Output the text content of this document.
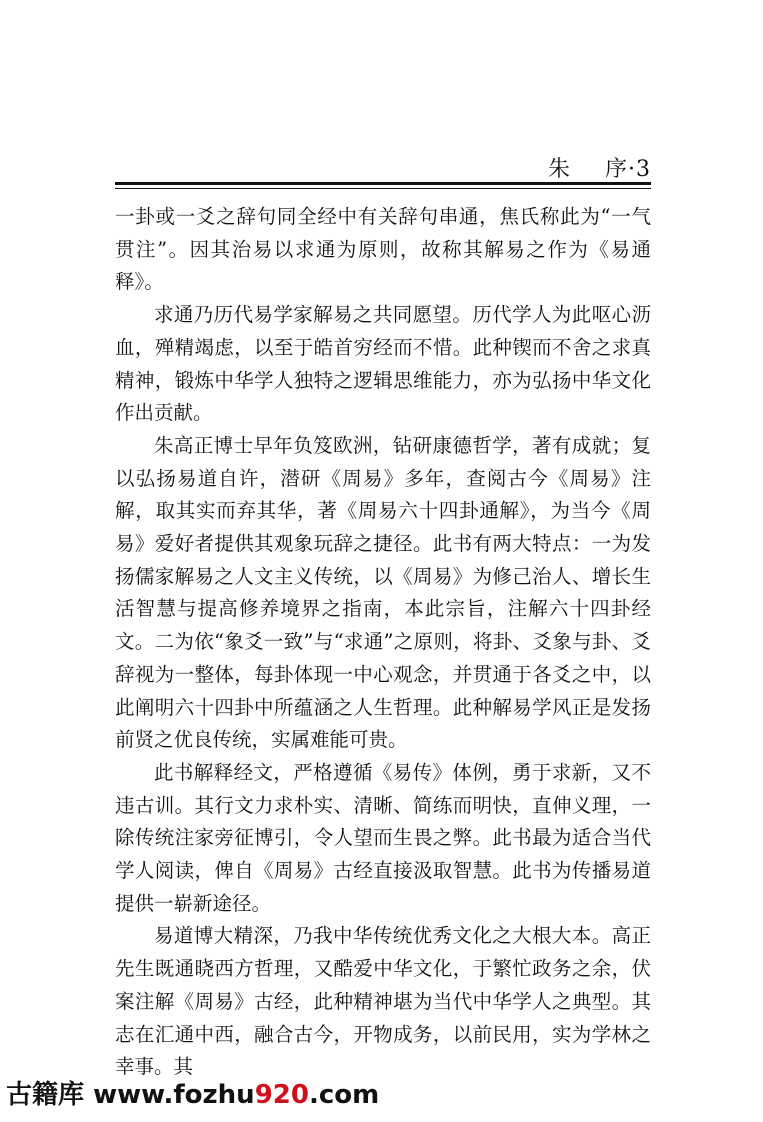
朱 序·3

一卦或一爻之辞句同全经中有关辞句串通，焦氏称此为“一气贯注”。因其治易以求通为原则，故称其解易之作为《易通释》。

求通乃历代易学家解易之共同愿望。历代学人为此呕心沥血，殚精竭虑，以至于皓首穷经而不惜。此种锲而不舍之求真精神，锻炼中华学人独特之逻辑思维能力，亦为弘扬中华文化作出贡献。

朱高正博士早年负笈欧洲，钻研康德哲学，著有成就；复以弘扬易道自许，潜研《周易》多年，查阅古今《周易》注解，取其实而弃其华，著《周易六十四卦通解》，为当今《周易》爱好者提供其观象玩辞之捷径。此书有两大特点：一为发扬儒家解易之人文主义传统，以《周易》为修己治人、增长生活智慧与提高修养境界之指南，本此宗旨，注解六十四卦经文。二为依“象爻一致”与“求通”之原则，将卦、爻象与卦、爻辞视为一整体，每卦体现一中心观念，并贯通于各爻之中，以此阐明六十四卦中所蕴涵之人生哲理。此种解易学风正是发扬前贤之优良传统，实属难能可贵。

此书解释经文，严格遵循《易传》体例，勇于求新，又不违古训。其行文力求朴实、清晰、简练而明快，直伸义理，一除传统注家旁征博引，令人望而生畏之弊。此书最为适合当代学人阅读，俾自《周易》古经直接汲取智慧。此书为传播易道提供一崭新途径。

易道博大精深，乃我中华传统优秀文化之大根大本。高正先生既通晓西方哲理，又酷爱中华文化，于繁忙政务之余，伏案注解《周易》古经，此种精神堪为当代中华学人之典型。其志在汇通中西，融合古今，开物成务，以前民用，实为学林之幸事。其

古籍库 www.fozhu920.com
